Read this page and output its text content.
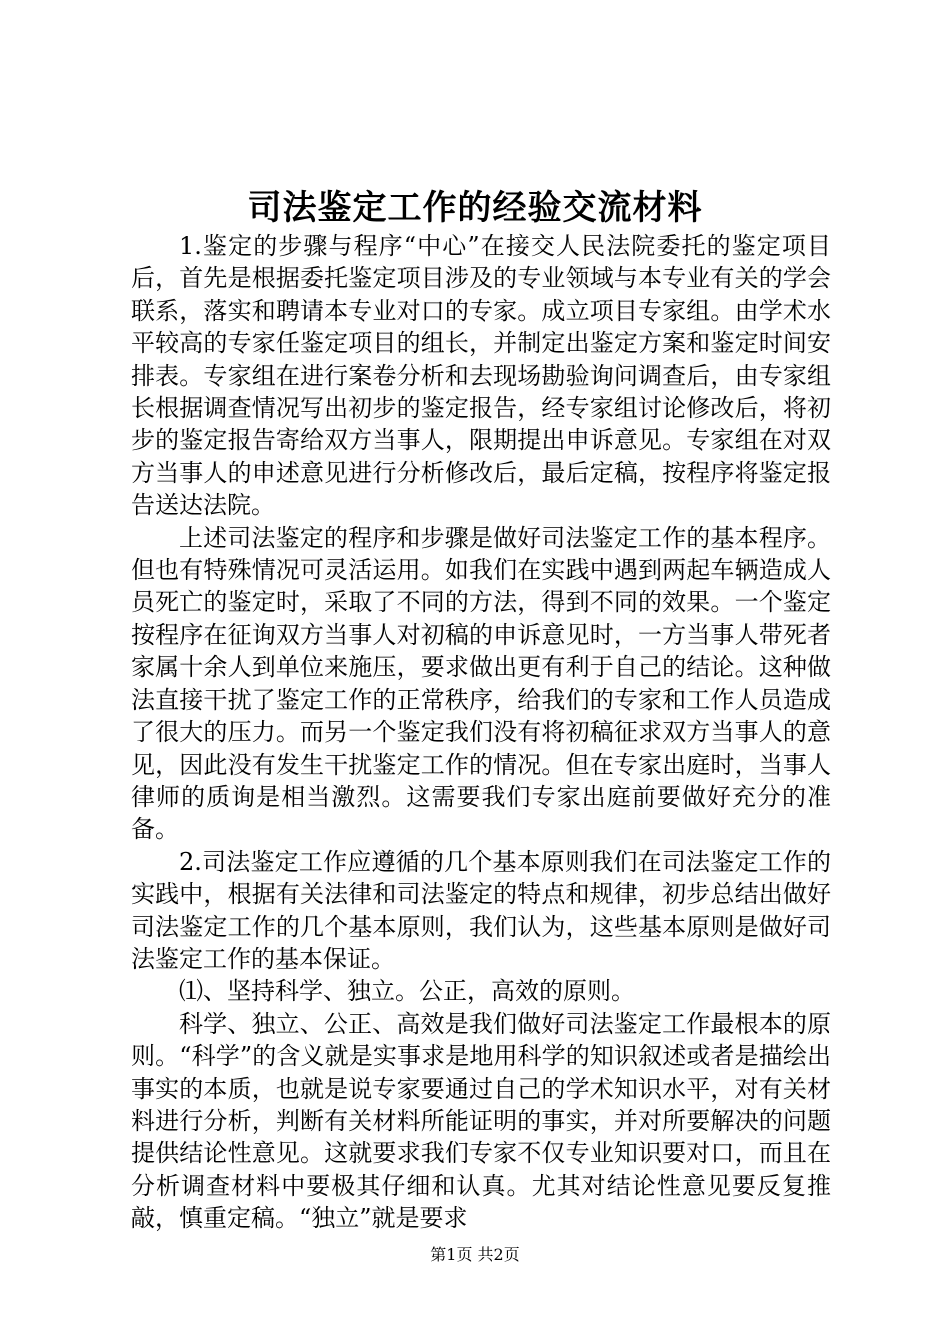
司法鉴定工作的经验交流材料

1.鉴定的步骤与程序“中心”在接交人民法院委托的鉴定项目后，首先是根据委托鉴定项目涉及的专业领域与本专业有关的学会联系，落实和聘请本专业对口的专家。成立项目专家组。由学术水平较高的专家任鉴定项目的组长，并制定出鉴定方案和鉴定时间安排表。专家组在进行案卷分析和去现场勘验询问调查后，由专家组长根据调查情况写出初步的鉴定报告，经专家组讨论修改后，将初步的鉴定报告寄给双方当事人，限期提出申诉意见。专家组在对双方当事人的申述意见进行分析修改后，最后定稿，按程序将鉴定报告送达法院。

上述司法鉴定的程序和步骤是做好司法鉴定工作的基本程序。但也有特殊情况可灵活运用。如我们在实践中遇到两起车辆造成人员死亡的鉴定时，采取了不同的方法，得到不同的效果。一个鉴定按程序在征询双方当事人对初稿的申诉意见时，一方当事人带死者家属十余人到单位来施压，要求做出更有利于自己的结论。这种做法直接干扰了鉴定工作的正常秩序，给我们的专家和工作人员造成了很大的压力。而另一个鉴定我们没有将初稿征求双方当事人的意见，因此没有发生干扰鉴定工作的情况。但在专家出庭时，当事人律师的质询是相当激烈。这需要我们专家出庭前要做好充分的准备。

2.司法鉴定工作应遵循的几个基本原则我们在司法鉴定工作的实践中，根据有关法律和司法鉴定的特点和规律，初步总结出做好司法鉴定工作的几个基本原则，我们认为，这些基本原则是做好司法鉴定工作的基本保证。

⑴、坚持科学、独立。公正，高效的原则。

科学、独立、公正、高效是我们做好司法鉴定工作最根本的原则。“科学”的含义就是实事求是地用科学的知识叙述或者是描绘出事实的本质，也就是说专家要通过自己的学术知识水平，对有关材料进行分析，判断有关材料所能证明的事实，并对所要解决的问题提供结论性意见。这就要求我们专家不仅专业知识要对口，而且在分析调查材料中要极其仔细和认真。尤其对结论性意见要反复推敲，慎重定稿。“独立”就是要求

第1页 共2页
